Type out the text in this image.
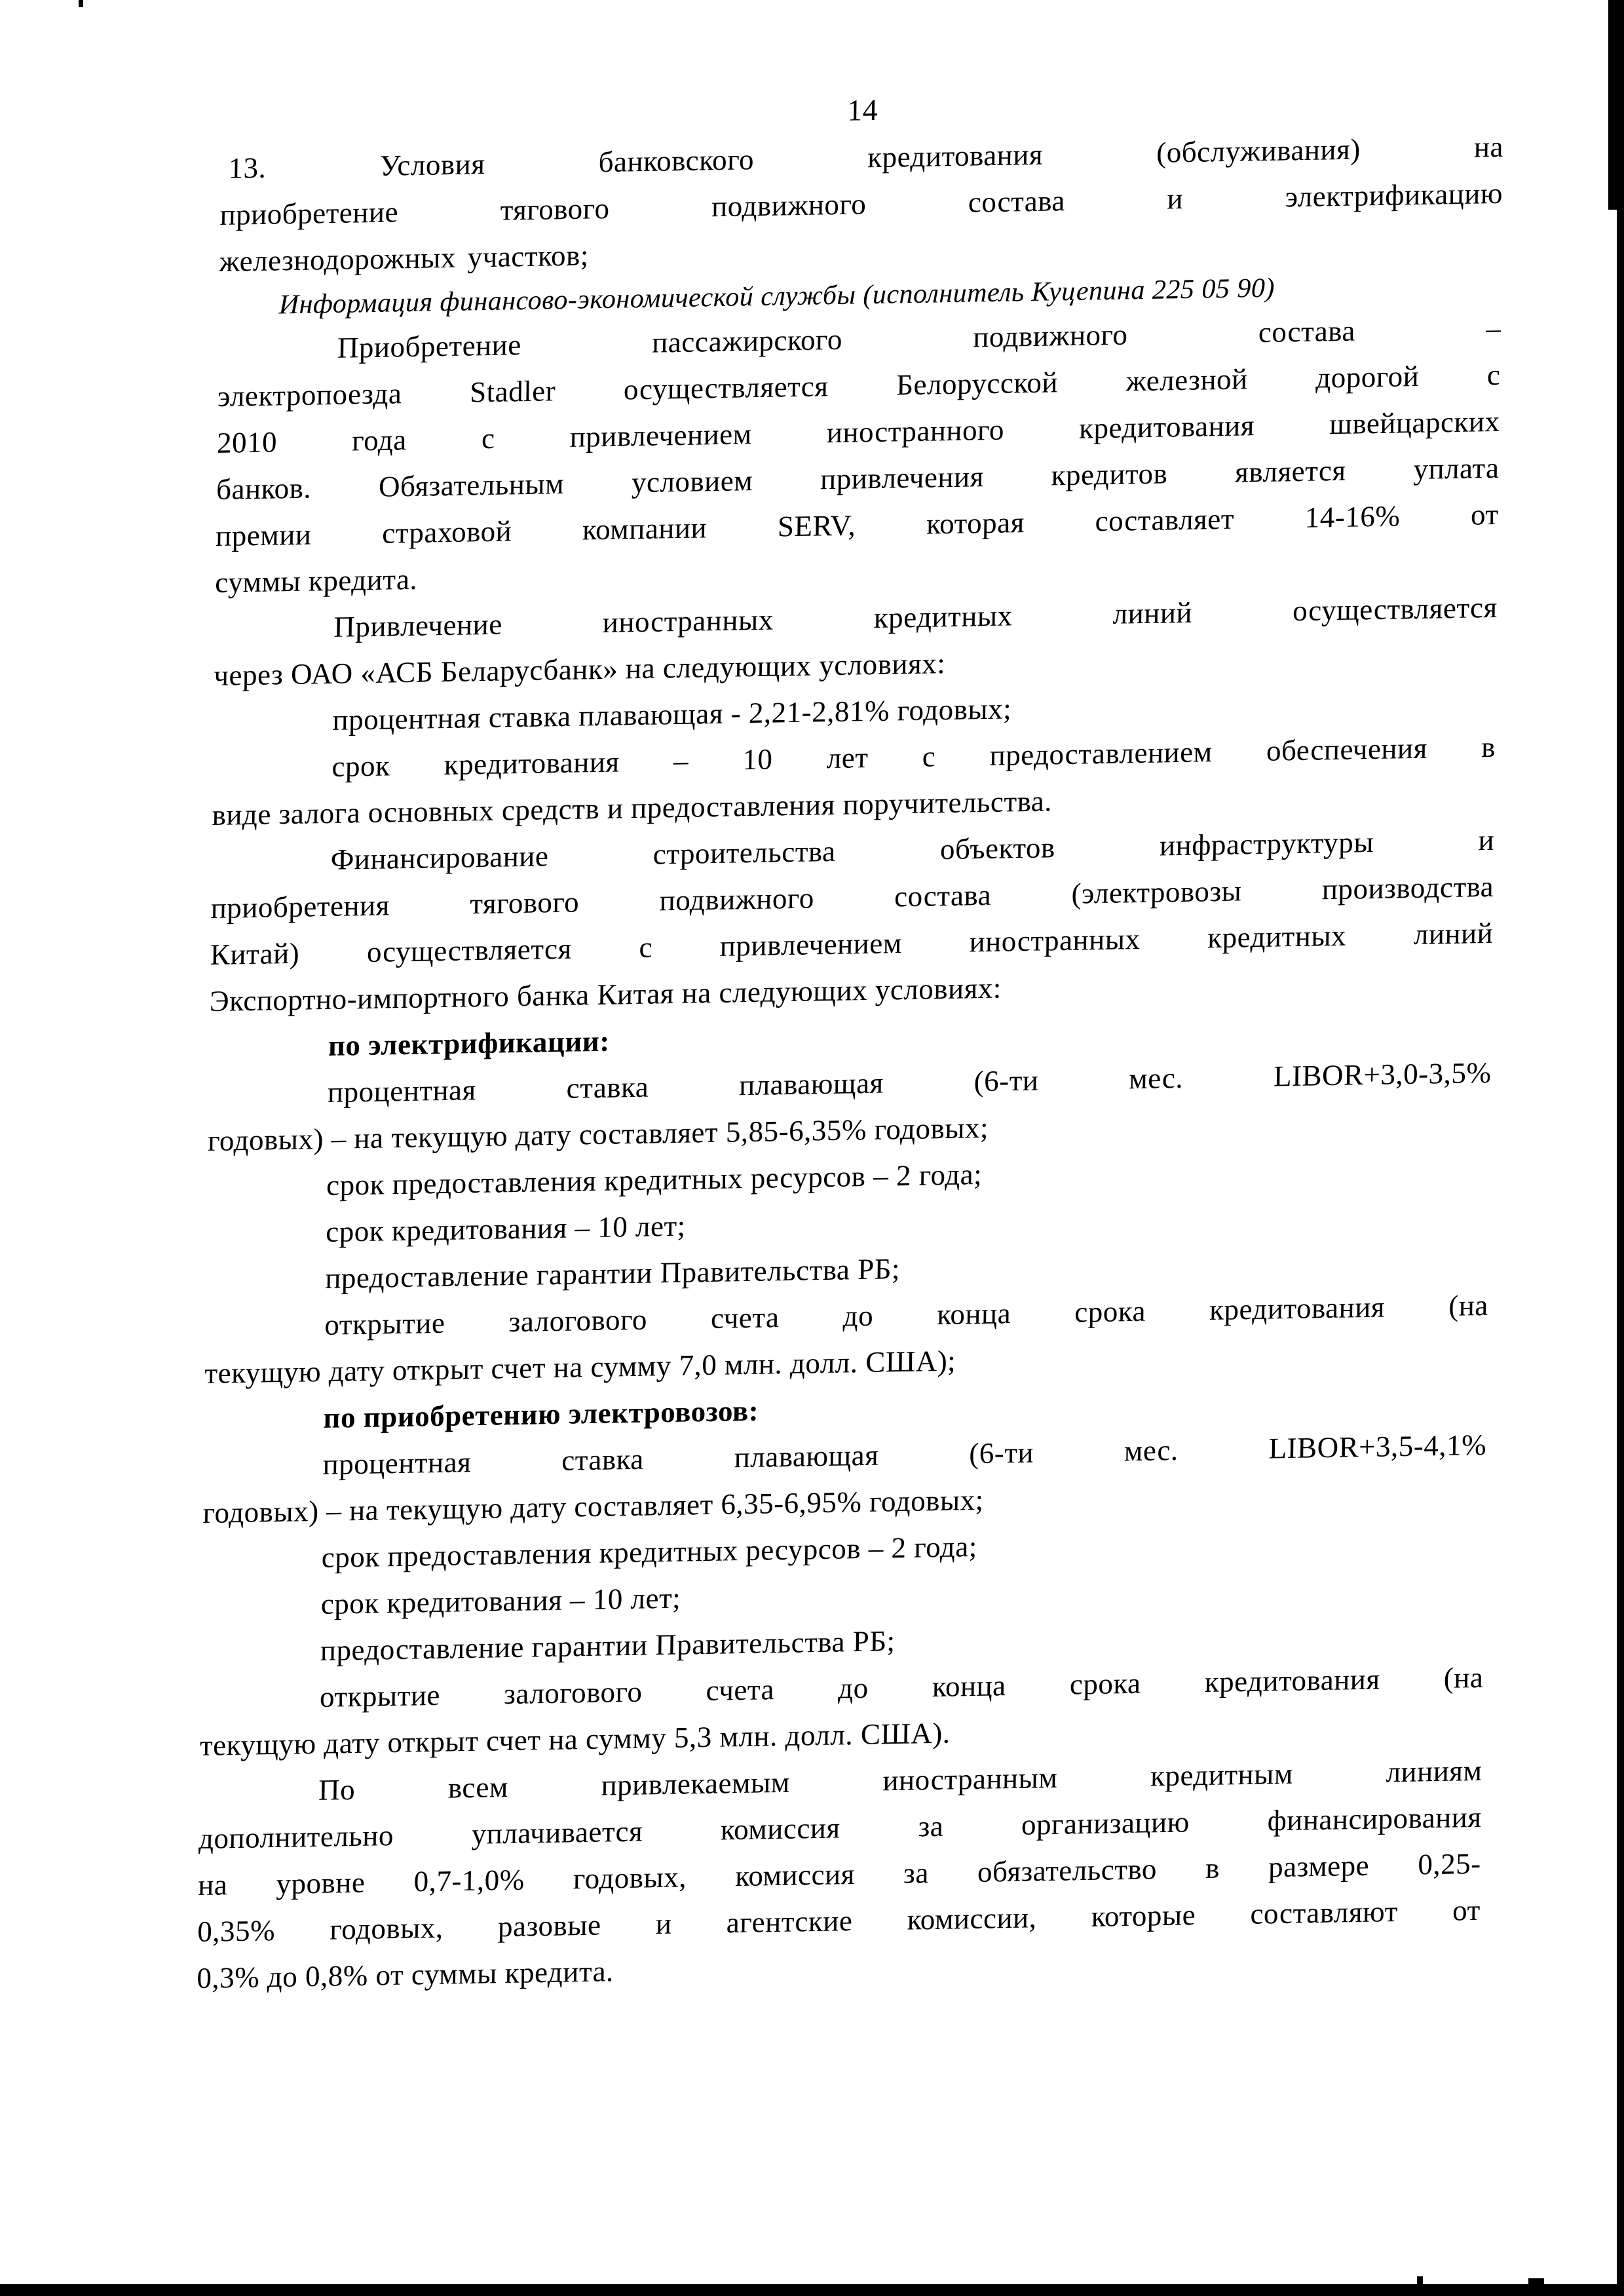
14
13. Условия банковского кредитования (обслуживания) на
приобретение тягового подвижного состава и электрификацию
железнодорожных участков;
Информация финансово-экономической службы (исполнитель Куцепина 225 05 90)
Приобретение пассажирского подвижного состава –
электропоезда Stadler осуществляется Белорусской железной дорогой с
2010 года с привлечением иностранного кредитования швейцарских
банков. Обязательным условием привлечения кредитов является уплата
премии страховой компании SERV, которая составляет 14-16% от
суммы кредита.
Привлечение иностранных кредитных линий осуществляется
через ОАО «АСБ Беларусбанк» на следующих условиях:
процентная ставка плавающая - 2,21-2,81% годовых;
срок кредитования – 10 лет с предоставлением обеспечения в
виде залога основных средств и предоставления поручительства.
Финансирование строительства объектов инфраструктуры и
приобретения тягового подвижного состава (электровозы производства
Китай) осуществляется с привлечением иностранных кредитных линий
Экспортно-импортного банка Китая на следующих условиях:
по электрификации:
процентная ставка плавающая (6-ти мес. LIBOR+3,0-3,5%
годовых) – на текущую дату составляет 5,85-6,35% годовых;
срок предоставления кредитных ресурсов – 2 года;
срок кредитования – 10 лет;
предоставление гарантии Правительства РБ;
открытие залогового счета до конца срока кредитования (на
текущую дату открыт счет на сумму 7,0 млн. долл. США);
по приобретению электровозов:
процентная ставка плавающая (6-ти мес. LIBOR+3,5-4,1%
годовых) – на текущую дату составляет 6,35-6,95% годовых;
срок предоставления кредитных ресурсов – 2 года;
срок кредитования – 10 лет;
предоставление гарантии Правительства РБ;
открытие залогового счета до конца срока кредитования (на
текущую дату открыт счет на сумму 5,3 млн. долл. США).
По всем привлекаемым иностранным кредитным линиям
дополнительно уплачивается комиссия за организацию финансирования
на уровне 0,7-1,0% годовых, комиссия за обязательство в размере 0,25-
0,35% годовых, разовые и агентские комиссии, которые составляют от
0,3% до 0,8% от суммы кредита.
